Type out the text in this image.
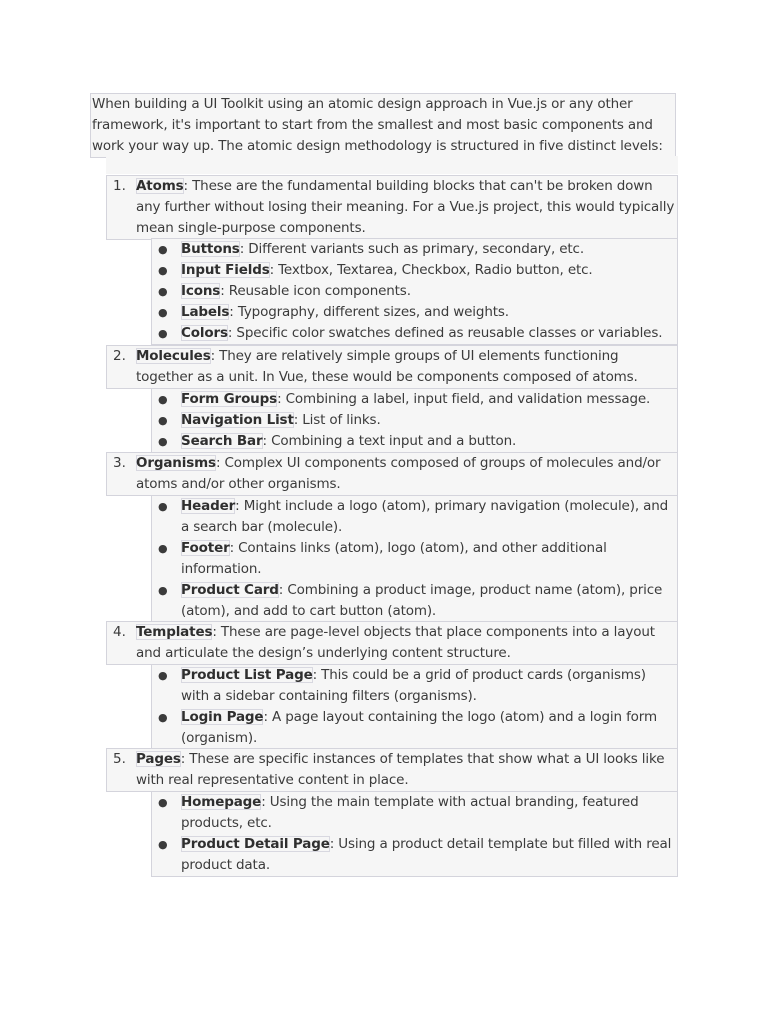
When building a UI Toolkit using an atomic design approach in Vue.js or any other framework, it's important to start from the smallest and most basic components and work your way up. The atomic design methodology is structured in five distinct levels:

1. Atoms: These are the fundamental building blocks that can't be broken down any further without losing their meaning. For a Vue.js project, this would typically mean single-purpose components.
● Buttons: Different variants such as primary, secondary, etc.
● Input Fields: Textbox, Textarea, Checkbox, Radio button, etc.
● Icons: Reusable icon components.
● Labels: Typography, different sizes, and weights.
● Colors: Specific color swatches defined as reusable classes or variables.
2. Molecules: They are relatively simple groups of UI elements functioning together as a unit. In Vue, these would be components composed of atoms.
● Form Groups: Combining a label, input field, and validation message.
● Navigation List: List of links.
● Search Bar: Combining a text input and a button.
3. Organisms: Complex UI components composed of groups of molecules and/or atoms and/or other organisms.
● Header: Might include a logo (atom), primary navigation (molecule), and a search bar (molecule).
● Footer: Contains links (atom), logo (atom), and other additional information.
● Product Card: Combining a product image, product name (atom), price (atom), and add to cart button (atom).
4. Templates: These are page-level objects that place components into a layout and articulate the design’s underlying content structure.
● Product List Page: This could be a grid of product cards (organisms) with a sidebar containing filters (organisms).
● Login Page: A page layout containing the logo (atom) and a login form (organism).
5. Pages: These are specific instances of templates that show what a UI looks like with real representative content in place.
● Homepage: Using the main template with actual branding, featured products, etc.
● Product Detail Page: Using a product detail template but filled with real product data.
